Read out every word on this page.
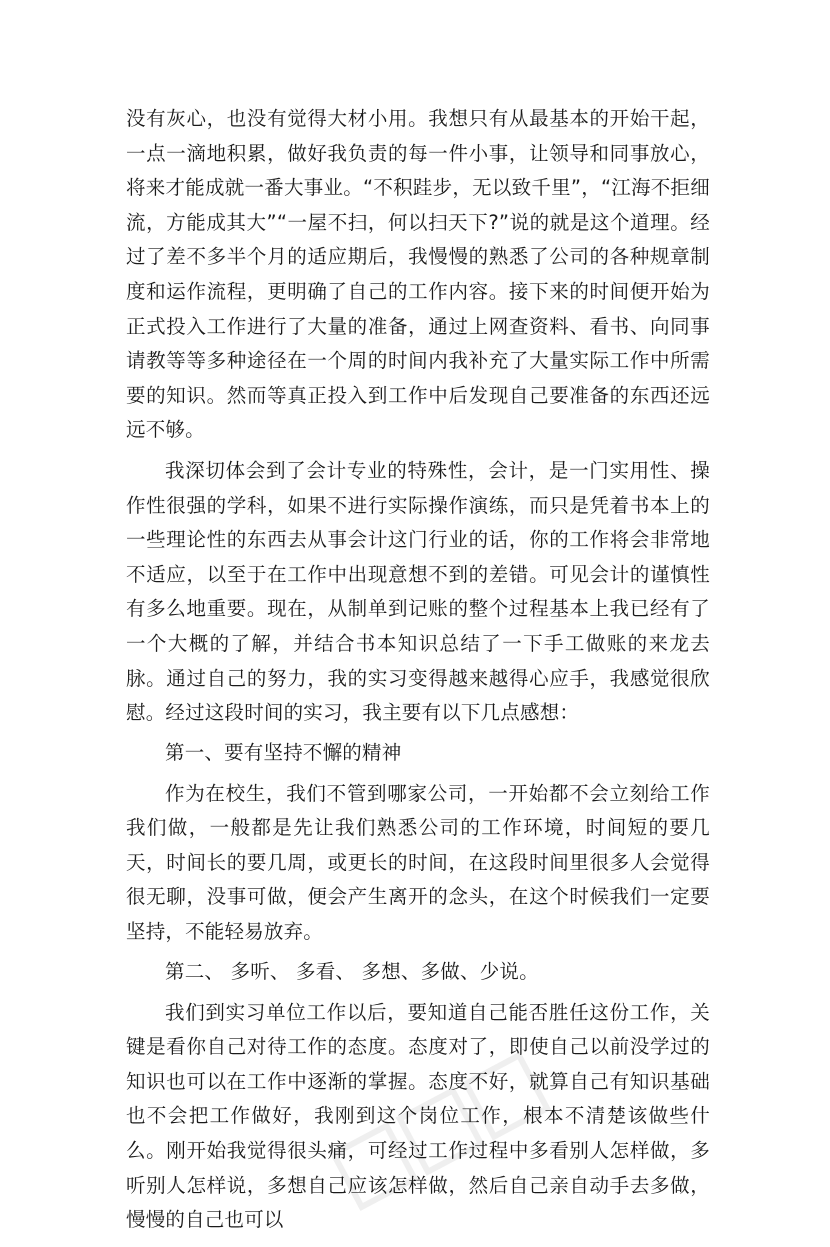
没有灰心，也没有觉得大材小用。我想只有从最基本的开始干起，一点一滴地积累，做好我负责的每一件小事，让领导和同事放心，将来才能成就一番大事业。“不积跬步，无以致千里”，“江海不拒细流，方能成其大”“一屋不扫，何以扫天下?”说的就是这个道理。经过了差不多半个月的适应期后，我慢慢的熟悉了公司的各种规章制度和运作流程，更明确了自己的工作内容。接下来的时间便开始为正式投入工作进行了大量的准备，通过上网查资料、看书、向同事请教等等多种途径在一个周的时间内我补充了大量实际工作中所需要的知识。然而等真正投入到工作中后发现自己要准备的东西还远远不够。

我深切体会到了会计专业的特殊性，会计，是一门实用性、操作性很强的学科，如果不进行实际操作演练，而只是凭着书本上的一些理论性的东西去从事会计这门行业的话，你的工作将会非常地不适应，以至于在工作中出现意想不到的差错。可见会计的谨慎性有多么地重要。现在，从制单到记账的整个过程基本上我已经有了一个大概的了解，并结合书本知识总结了一下手工做账的来龙去脉。通过自己的努力，我的实习变得越来越得心应手，我感觉很欣慰。经过这段时间的实习，我主要有以下几点感想：

第一、要有坚持不懈的精神

作为在校生，我们不管到哪家公司，一开始都不会立刻给工作我们做，一般都是先让我们熟悉公司的工作环境，时间短的要几天，时间长的要几周，或更长的时间，在这段时间里很多人会觉得很无聊，没事可做，便会产生离开的念头，在这个时候我们一定要坚持，不能轻易放弃。

第二、 多听、 多看、 多想、多做、少说。

我们到实习单位工作以后，要知道自己能否胜任这份工作，关键是看你自己对待工作的态度。态度对了，即使自己以前没学过的知识也可以在工作中逐渐的掌握。态度不好，就算自己有知识基础也不会把工作做好，我刚到这个岗位工作，根本不清楚该做些什么。刚开始我觉得很头痛，可经过工作过程中多看别人怎样做，多听别人怎样说，多想自己应该怎样做，然后自己亲自动手去多做，慢慢的自己也可以
